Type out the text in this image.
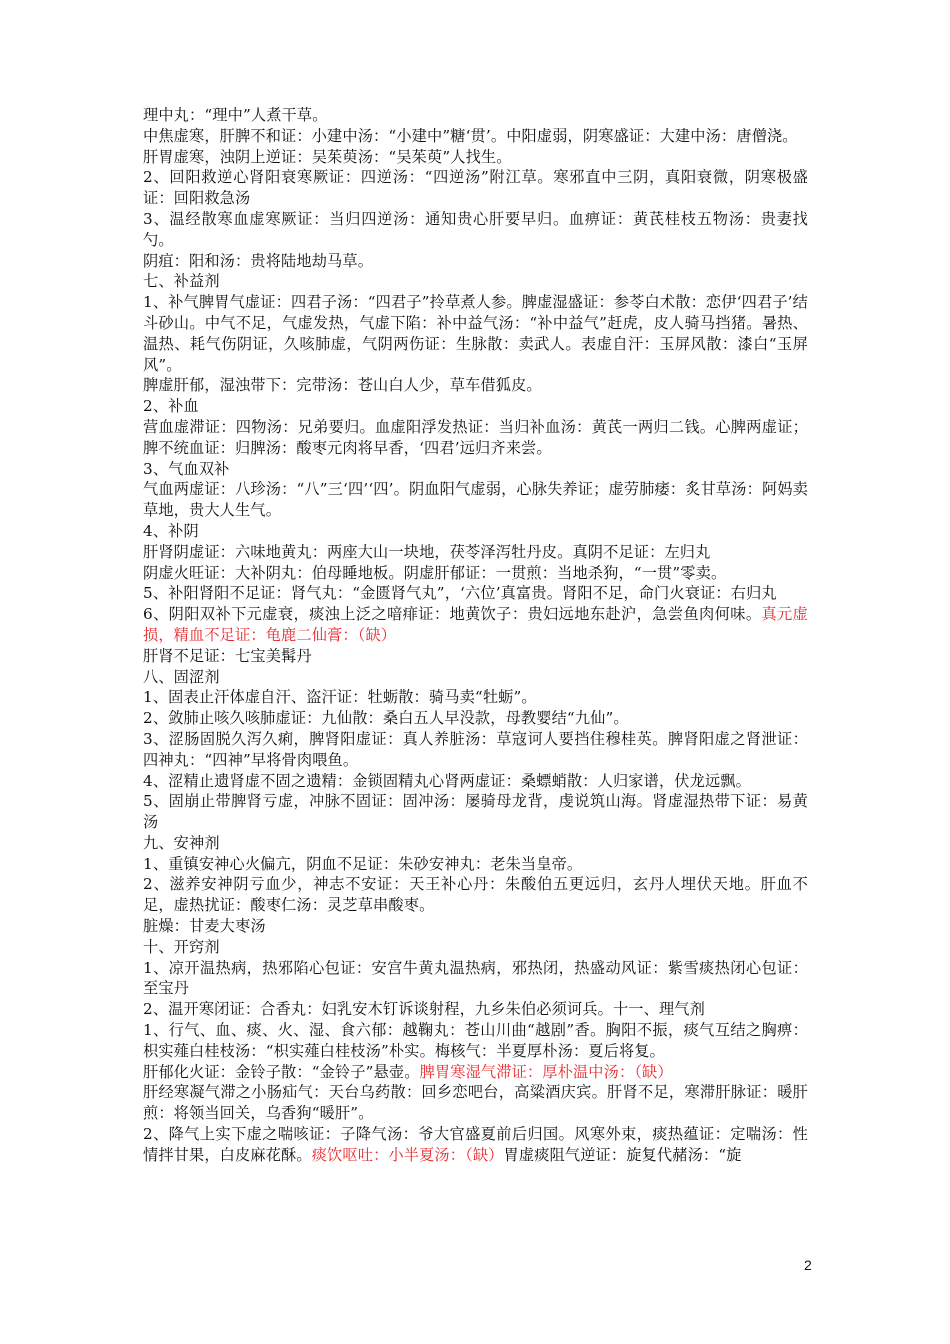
理中丸：“理中”人煮干草。

中焦虚寒，肝脾不和证：小建中汤：“小建中”糖‘贯’。中阳虚弱，阴寒盛证：大建中汤：唐僧浇。

肝胃虚寒，浊阴上逆证：吴茱萸汤：“吴茱萸”人找生。

2、回阳救逆心肾阳衰寒厥证：四逆汤：“四逆汤”附江草。寒邪直中三阴，真阳衰微，阴寒极盛证：回阳救急汤

3、温经散寒血虚寒厥证：当归四逆汤：通知贵心肝要早归。血痹证：黄芪桂枝五物汤：贵妻找勺。

阴疽：阳和汤：贵将陆地劫马草。

七、补益剂

1、补气脾胃气虚证：四君子汤：“四君子”拎草煮人参。脾虚湿盛证：参苓白术散：恋伊‘四君子’结斗砂山。中气不足，气虚发热，气虚下陷：补中益气汤：“补中益气”赶虎，皮人骑马挡猪。暑热、温热、耗气伤阴证，久咳肺虚，气阴两伤证：生脉散：卖武人。表虚自汗：玉屏风散：漆白“玉屏风”。

脾虚肝郁，湿浊带下：完带汤：苍山白人少，草车借狐皮。

2、补血

营血虚滞证：四物汤：兄弟要归。血虚阳浮发热证：当归补血汤：黄芪一两归二钱。心脾两虚证；脾不统血证：归脾汤：酸枣元肉将早香，‘四君’远归齐来尝。

3、气血双补

气血两虚证：八珍汤：“八”三‘四’‘四’。阴血阳气虚弱，心脉失养证；虚劳肺痿：炙甘草汤：阿妈卖草地，贵大人生气。

4、补阴

肝肾阴虚证：六味地黄丸：两座大山一块地，茯苓泽泻牡丹皮。真阴不足证：左归丸

阴虚火旺证：大补阴丸：伯母睡地板。阴虚肝郁证：一贯煎：当地杀狗，“一贯”零卖。

5、补阳肾阳不足证：肾气丸：“金匮肾气丸”，‘六位’真富贵。肾阳不足，命门火衰证：右归丸

6、阴阳双补下元虚衰，痰浊上泛之喑痱证：地黄饮子：贵妇远地东赴沪，急尝鱼肉何味。真元虚损，精血不足证：龟鹿二仙膏：（缺）

肝肾不足证：七宝美髯丹

八、固涩剂

1、固表止汗体虚自汗、盗汗证：牡蛎散：骑马卖“牡蛎”。

2、敛肺止咳久咳肺虚证：九仙散：桑白五人早没款，母教婴结“九仙”。

3、涩肠固脱久泻久痢，脾肾阳虚证：真人养脏汤：草寇诃人要挡住穆桂英。脾肾阳虚之肾泄证：四神丸：“四神”早将骨肉喂鱼。

4、涩精止遗肾虚不固之遗精：金锁固精丸心肾两虚证：桑螵蛸散：人归家谱，伏龙远飘。

5、固崩止带脾肾亏虚，冲脉不固证：固冲汤：屡骑母龙背，虔说筑山海。肾虚湿热带下证：易黄汤

九、安神剂

1、重镇安神心火偏亢，阴血不足证：朱砂安神丸：老朱当皇帝。

2、滋养安神阴亏血少，神志不安证：天王补心丹：朱酸伯五更远归，玄丹人埋伏天地。肝血不足，虚热扰证：酸枣仁汤：灵芝草串酸枣。

脏燥：甘麦大枣汤

十、开窍剂

1、凉开温热病，热邪陷心包证：安宫牛黄丸温热病，邪热闭，热盛动风证：紫雪痰热闭心包证：至宝丹

2、温开寒闭证：合香丸：妇乳安木钉诉谈射程，九乡朱伯必须诃兵。十一、理气剂

1、行气、血、痰、火、湿、食六郁：越鞠丸：苍山川曲“越剧”香。胸阳不振，痰气互结之胸痹：枳实薤白桂枝汤：“枳实薤白桂枝汤”朴实。梅核气：半夏厚朴汤：夏后将复。

肝郁化火证：金铃子散：“金铃子”悬壶。脾胃寒湿气滞证：厚朴温中汤：（缺）

肝经寒凝气滞之小肠疝气：天台乌药散：回乡恋吧台，高粱酒庆宾。肝肾不足，寒滞肝脉证：暖肝煎：将领当回关，乌香狗“暖肝”。

2、降气上实下虚之喘咳证：子降气汤：爷大官盛夏前后归国。风寒外束，痰热蕴证：定喘汤：性情拌甘果，白皮麻花酥。痰饮呕吐：小半夏汤：（缺）胃虚痰阻气逆证：旋复代赭汤：“旋

2
